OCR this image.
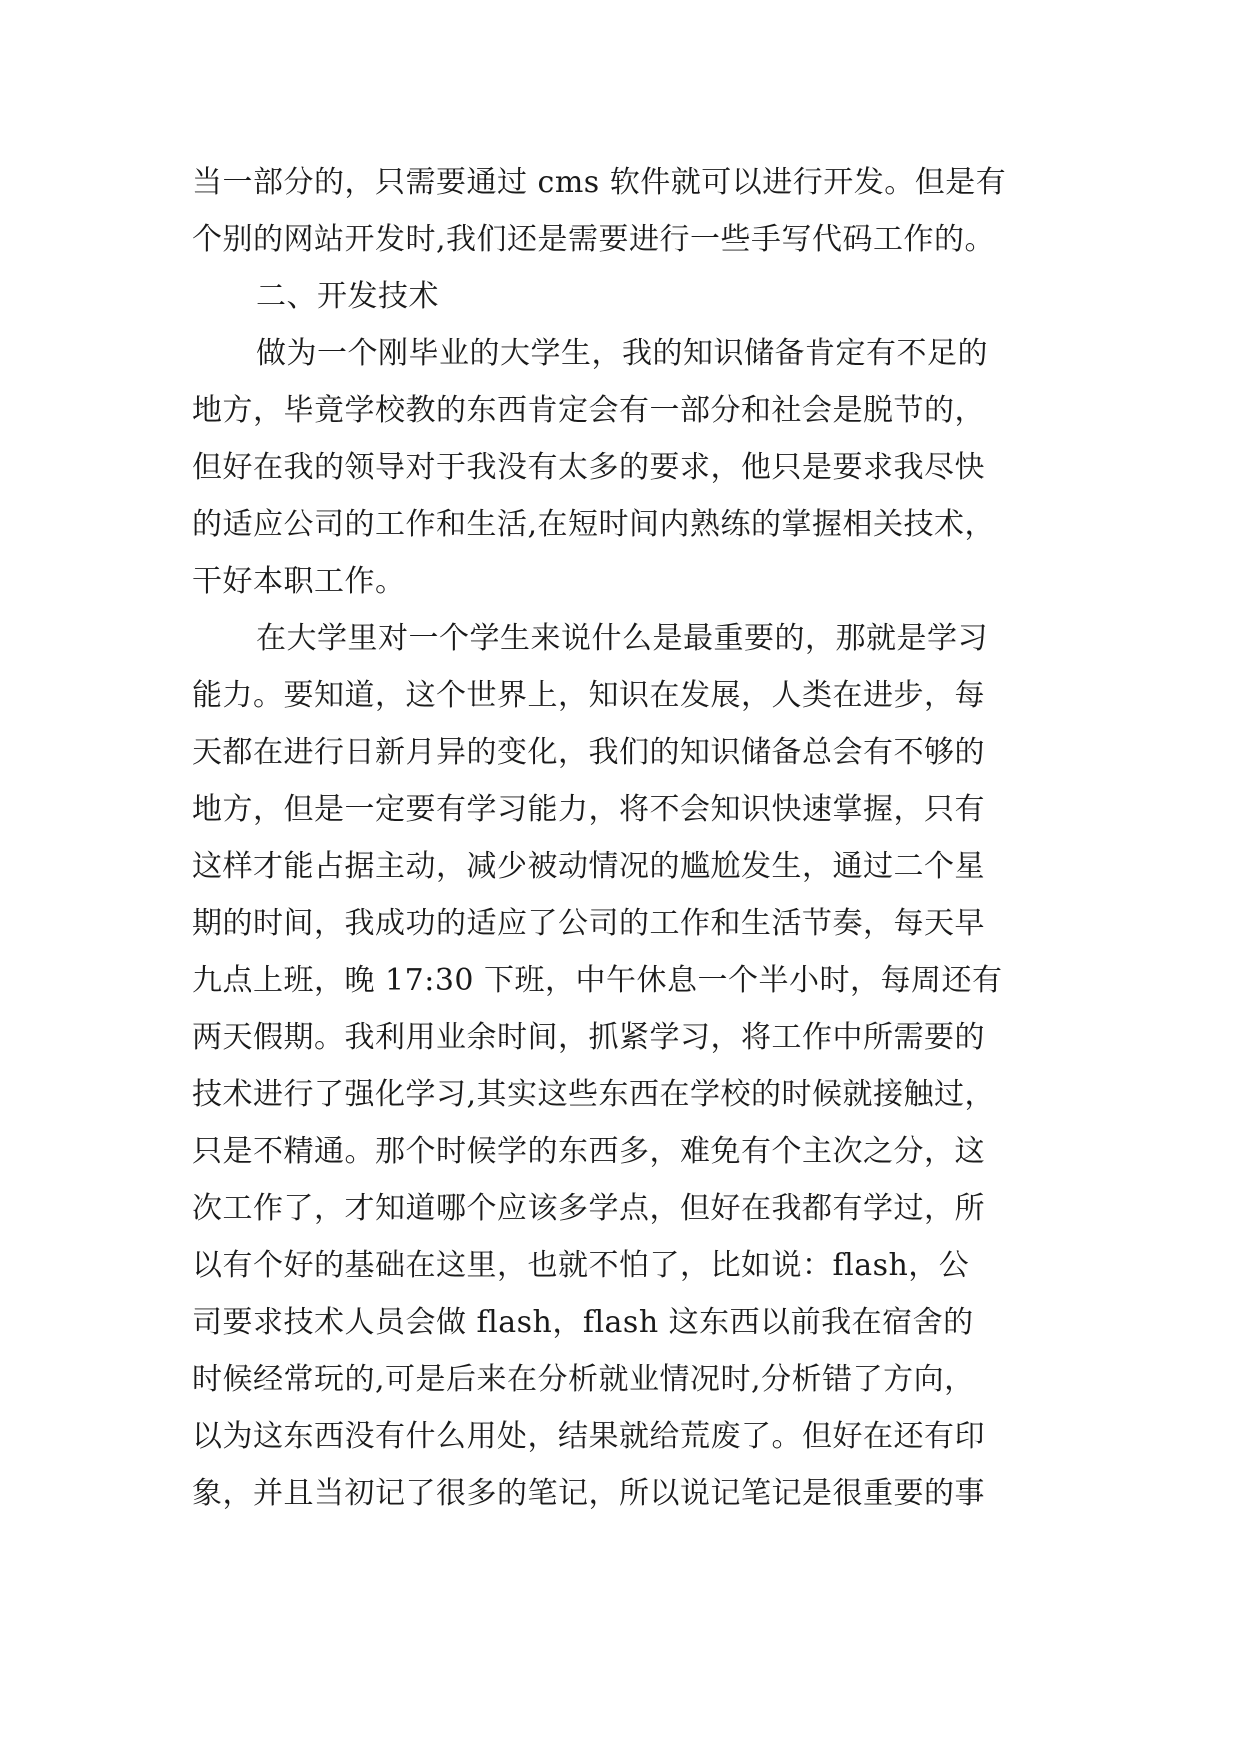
当一部分的，只需要通过 cms 软件就可以进行开发。但是有
个别的网站开发时,我们还是需要进行一些手写代码工作的。
二、开发技术
做为一个刚毕业的大学生，我的知识储备肯定有不足的
地方，毕竟学校教的东西肯定会有一部分和社会是脱节的，
但好在我的领导对于我没有太多的要求，他只是要求我尽快
的适应公司的工作和生活,在短时间内熟练的掌握相关技术，
干好本职工作。
在大学里对一个学生来说什么是最重要的，那就是学习
能力。要知道，这个世界上，知识在发展，人类在进步，每
天都在进行日新月异的变化，我们的知识储备总会有不够的
地方，但是一定要有学习能力，将不会知识快速掌握，只有
这样才能占据主动，减少被动情况的尴尬发生，通过二个星
期的时间，我成功的适应了公司的工作和生活节奏，每天早
九点上班，晚 17:30 下班，中午休息一个半小时，每周还有
两天假期。我利用业余时间，抓紧学习，将工作中所需要的
技术进行了强化学习,其实这些东西在学校的时候就接触过，
只是不精通。那个时候学的东西多，难免有个主次之分，这
次工作了，才知道哪个应该多学点，但好在我都有学过，所
以有个好的基础在这里，也就不怕了，比如说：flash，公
司要求技术人员会做 flash，flash 这东西以前我在宿舍的
时候经常玩的,可是后来在分析就业情况时,分析错了方向，
以为这东西没有什么用处，结果就给荒废了。但好在还有印
象，并且当初记了很多的笔记，所以说记笔记是很重要的事
